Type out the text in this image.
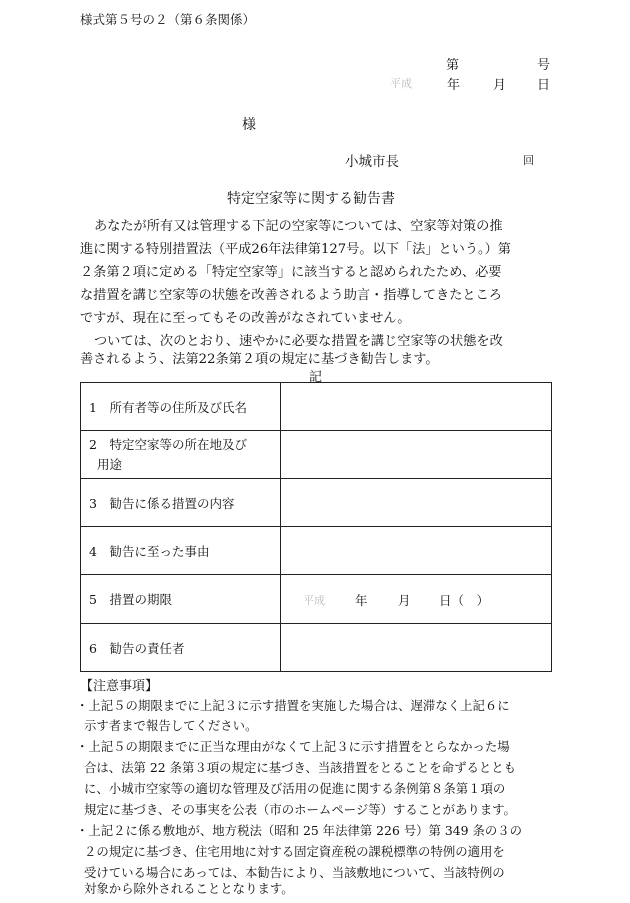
様式第５号の２（第６条関係）
第	号
平成	年	月 日
様
小城市長	回
特定空家等に関する勧告書
あなたが所有又は管理する下記の空家等については、空家等対策の推
進に関する特別措置法（平成26年法律第127号。以下「法」という。）第
２条第２項に定める「特定空家等」に該当すると認められたため、必要
な措置を講じ空家等の状態を改善されるよう助言・指導してきたところ
ですが、現在に至ってもその改善がなされていません。
ついては、次のとおり、速やかに必要な措置を講じ空家等の状態を改
善されるよう、法第22条第２項の規定に基づき勧告します。
記
1　所有者等の住所及び氏名	

2　特定空家等の所在地及び
用途	

3　勧告に係る措置の内容	
4　勧告に至った事由	
5　措置の期限	平成 年 月 日（　）

6　勧告の責任者	
【注意事項】
・上記５の期限までに上記３に示す措置を実施した場合は、遅滞なく上記６に
示す者まで報告してください。
・上記５の期限までに正当な理由がなくて上記３に示す措置をとらなかった場
合は、法第 22 条第３項の規定に基づき、当該措置をとることを命ずるととも
に、小城市空家等の適切な管理及び活用の促進に関する条例第８条第１項の
規定に基づき、その事実を公表（市のホームページ等）することがあります。
・上記２に係る敷地が、地方税法（昭和 25 年法律第 226 号）第 349 条の３の
２の規定に基づき、住宅用地に対する固定資産税の課税標準の特例の適用を
受けている場合にあっては、本勧告により、当該敷地について、当該特例の
対象から除外されることとなります。
